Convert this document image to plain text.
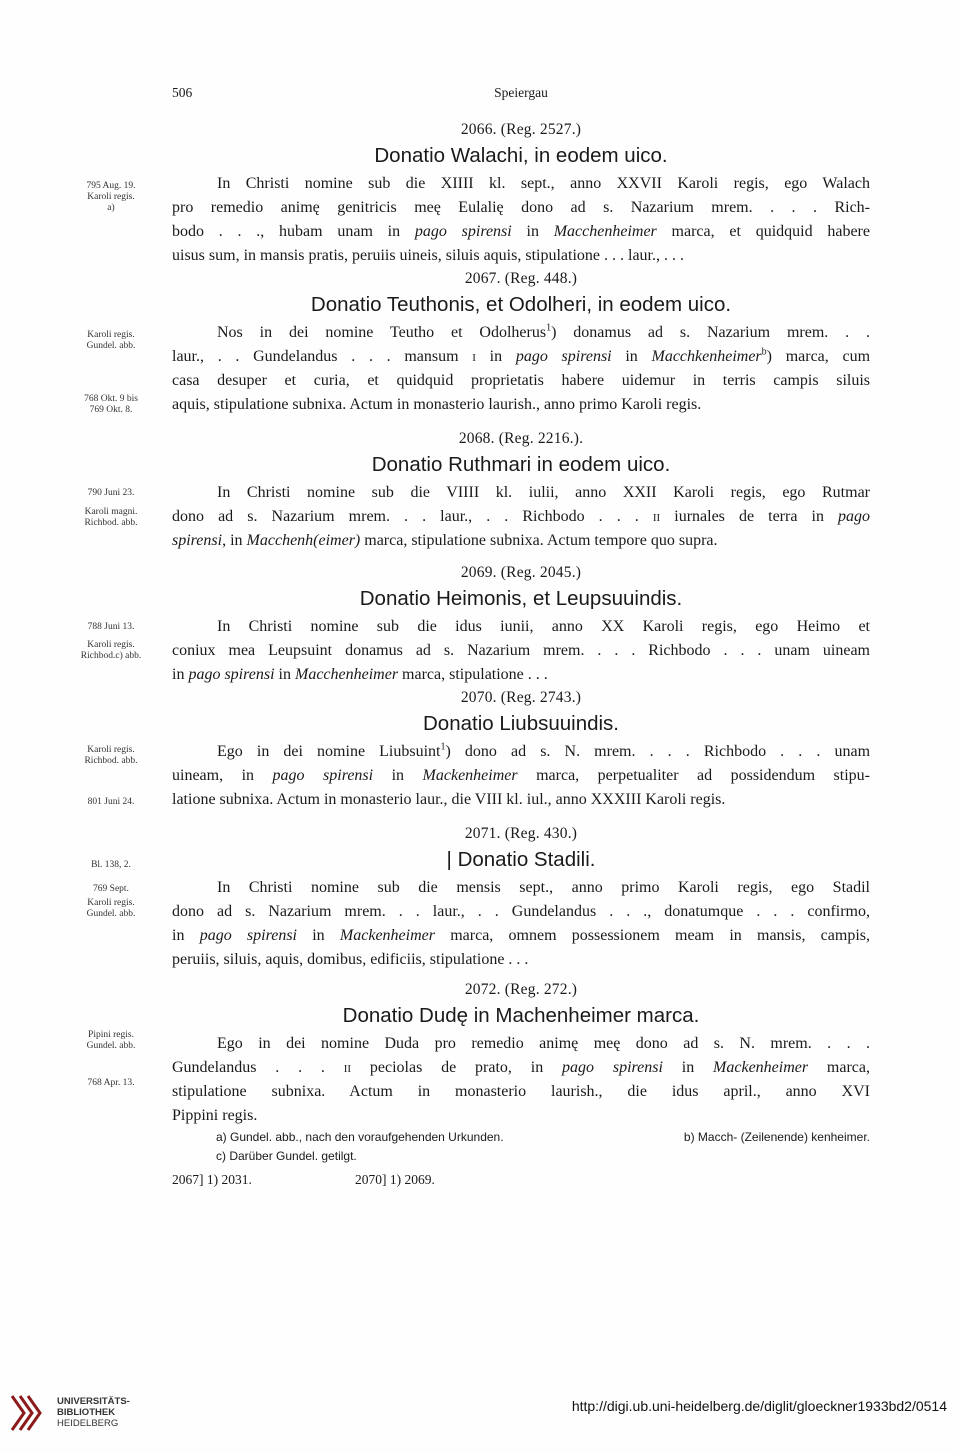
506	Speiergau
2066. (Reg. 2527.)
Donatio Walachi, in eodem uico.
In Christi nomine sub die XIIII kl. sept., anno XXVII Karoli regis, ego Walach
pro remedio animę genitricis meę Eulalię dono ad s. Nazarium mrem. . . . Rich-
bodo . . ., hubam unam in pago spirensi in Macchenheimer marca, et quidquid habere
uisus sum, in mansis pratis, peruiis uineis, siluis aquis, stipulatione . . . laur., . . .
2067. (Reg. 448.)
Donatio Teuthonis, et Odolheri, in eodem uico.
Nos in dei nomine Teutho et Odolherus$^1$) donamus ad s. Nazarium mrem. . .
laur., . . Gundelandus . . . mansum i in pago spirensi in Macchkenheimer$^b$) marca, cum
casa desuper et curia, et quidquid proprietatis habere uidemur in terris campis siluis
aquis, stipulatione subnixa. Actum in monasterio laurish., anno primo Karoli regis.
2068. (Reg. 2216.).
Donatio Ruthmari in eodem uico.
In Christi nomine sub die VIIII kl. iulii, anno XXII Karoli regis, ego Rutmar
dono ad s. Nazarium mrem. . . laur., . . Richbodo . . . ii iurnales de terra in pago
spirensi, in Macchenh(eimer) marca, stipulatione subnixa. Actum tempore quo supra.
2069. (Reg. 2045.)
Donatio Heimonis, et Leupsuuindis.
In Christi nomine sub die idus iunii, anno XX Karoli regis, ego Heimo et
coniux mea Leupsuint donamus ad s. Nazarium mrem. . . . Richbodo . . . unam uineam
in pago spirensi in Macchenheimer marca, stipulatione . . .
2070. (Reg. 2743.)
Donatio Liubsuuindis.
Ego in dei nomine Liubsuint$^1$) dono ad s. N. mrem. . . . Richbodo . . . unam
uineam, in pago spirensi in Mackenheimer marca, perpetualiter ad possidendum stipu-
latione subnixa. Actum in monasterio laur., die VIII kl. iul., anno XXXIII Karoli regis.
2071. (Reg. 430.)
| Donatio Stadili.
In Christi nomine sub die mensis sept., anno primo Karoli regis, ego Stadil
dono ad s. Nazarium mrem. . . laur., . . Gundelandus . . ., donatumque . . . confirmo,
in pago spirensi in Mackenheimer marca, omnem possessionem meam in mansis, campis,
peruiis, siluis, aquis, domibus, edificiis, stipulatione . . .
2072. (Reg. 272.)
Donatio Dudę in Machenheimer marca.
Ego in dei nomine Duda pro remedio animę meę dono ad s. N. mrem. . . .
Gundelandus . . . ii peciolas de prato, in pago spirensi in Mackenheimer marca,
stipulatione subnixa. Actum in monasterio laurish., die idus april., anno XVI
Pippini regis.
795 Aug. 19.
Karoli regis.
a)
Karoli regis.
Gundel. abb.
768 Okt. 9 bis
769 Okt. 8.
790 Juni 23.
Karoli magni.
Richbod. abb.
788 Juni 13.
Karoli regis.
Richbod.c) abb.
Karoli regis.
Richbod. abb.
801 Juni 24.
Bl. 138, 2.
769 Sept.
Karoli regis.
Gundel. abb.
Pipini regis.
Gundel. abb.
768 Apr. 13.
a) Gundel. abb., nach den voraufgehenden Urkunden.	b) Macch- (Zeilenende) kenheimer.
c) Darüber Gundel. getilgt.
2067] 1) 2031.	2070] 1) 2069.
UNIVERSITÄTS-
BIBLIOTHEK
HEIDELBERG
http://digi.ub.uni-heidelberg.de/diglit/gloeckner1933bd2/0514
